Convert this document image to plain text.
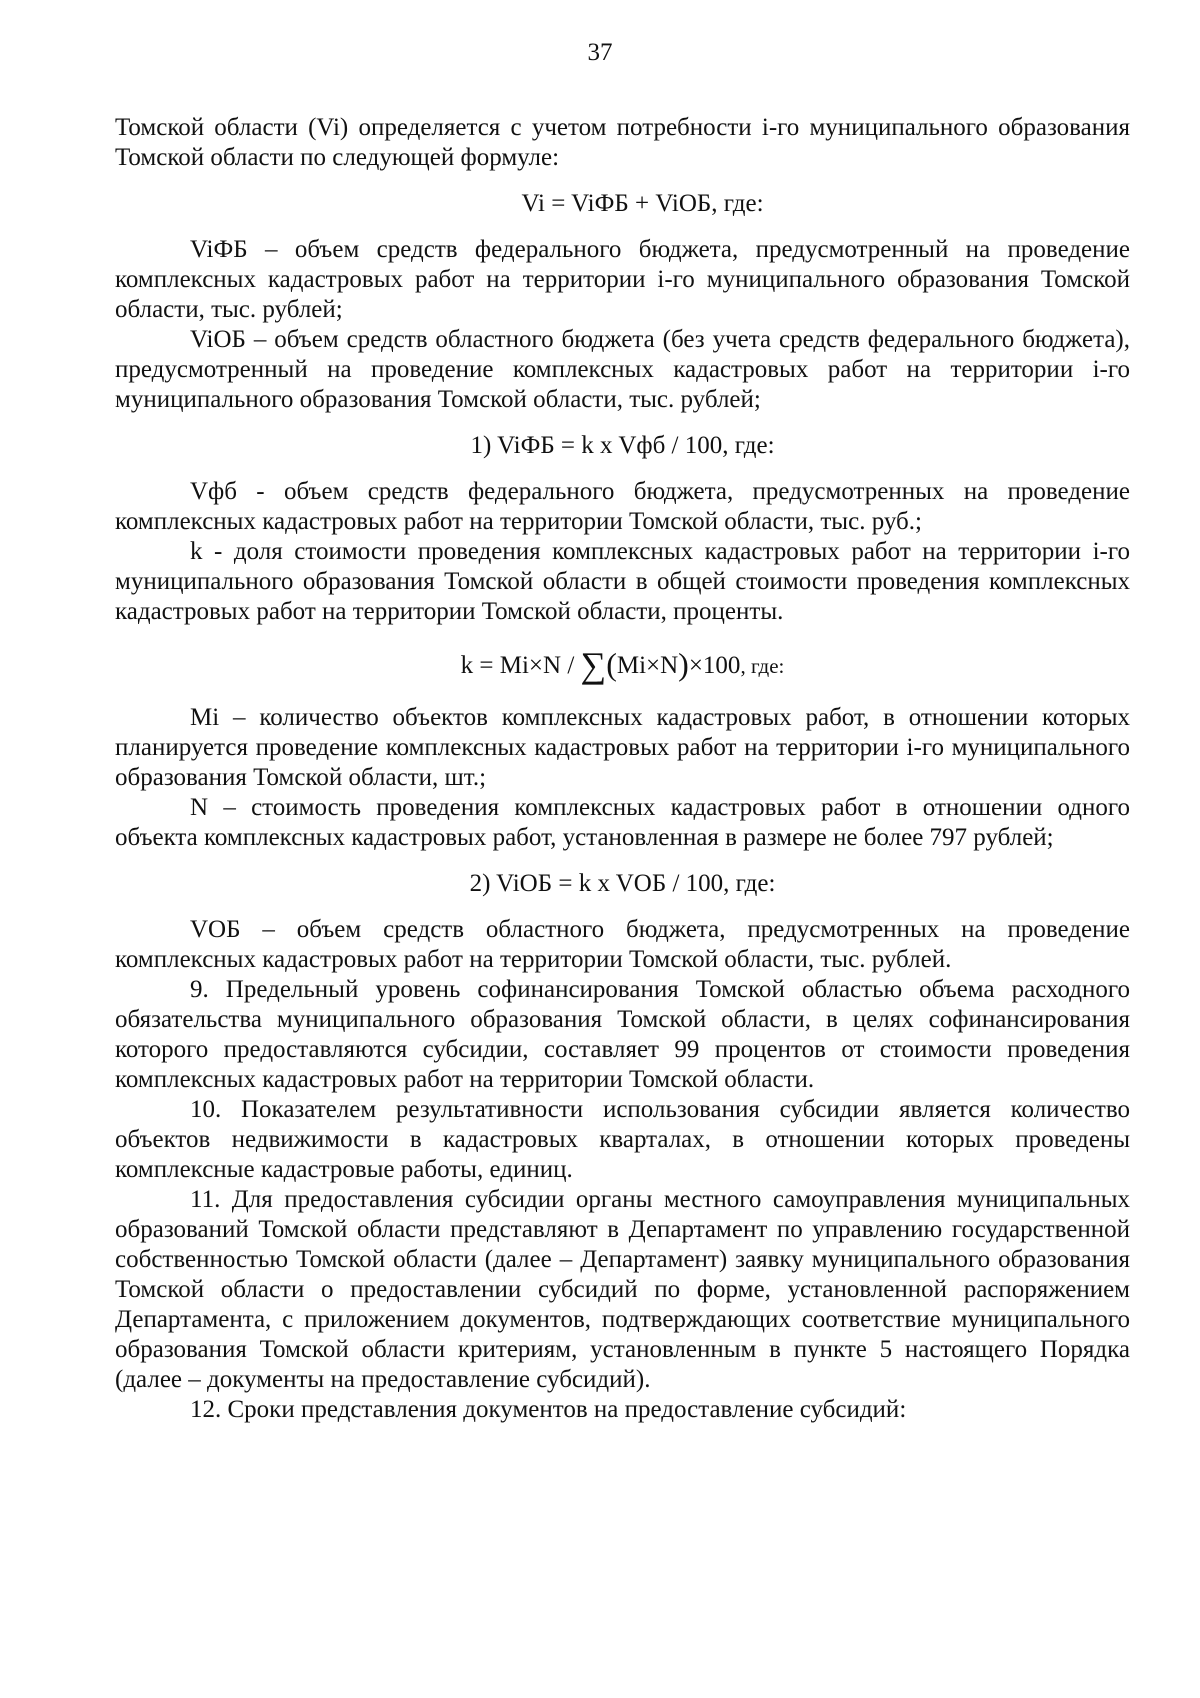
37

Томской области (Vi) определяется с учетом потребности i-го муниципального образования Томской области по следующей формуле:

Vi = ViФБ + ViОБ, где:

ViФБ – объем средств федерального бюджета, предусмотренный на проведение комплексных кадастровых работ на территории i-го муниципального образования Томской области, тыс. рублей;

ViОБ – объем средств областного бюджета (без учета средств федерального бюджета), предусмотренный на проведение комплексных кадастровых работ на территории i-го муниципального образования Томской области, тыс. рублей;

1) ViФБ = k x Vфб / 100, где:

Vфб - объем средств федерального бюджета, предусмотренных на проведение комплексных кадастровых работ на территории Томской области, тыс. руб.;

k - доля стоимости проведения комплексных кадастровых работ на территории i-го муниципального образования Томской области в общей стоимости проведения комплексных кадастровых работ на территории Томской области, проценты.

k = Mi×N / ∑(Mi×N)×100, где:

Mi – количество объектов комплексных кадастровых работ, в отношении которых планируется проведение комплексных кадастровых работ на территории i-го муниципального образования Томской области, шт.;

N – стоимость проведения комплексных кадастровых работ в отношении одного объекта комплексных кадастровых работ, установленная в размере не более 797 рублей;

2) ViОБ = k x VОБ / 100, где:

VОБ – объем средств областного бюджета, предусмотренных на проведение комплексных кадастровых работ на территории Томской области, тыс. рублей.

9. Предельный уровень софинансирования Томской областью объема расходного обязательства муниципального образования Томской области, в целях софинансирования которого предоставляются субсидии, составляет 99 процентов от стоимости проведения комплексных кадастровых работ на территории Томской области.

10. Показателем результативности использования субсидии является количество объектов недвижимости в кадастровых кварталах, в отношении которых проведены комплексные кадастровые работы, единиц.

11. Для предоставления субсидии органы местного самоуправления муниципальных образований Томской области представляют в Департамент по управлению государственной собственностью Томской области (далее – Департамент) заявку муниципального образования Томской области о предоставлении субсидий по форме, установленной распоряжением Департамента, с приложением документов, подтверждающих соответствие муниципального образования Томской области критериям, установленным в пункте 5 настоящего Порядка (далее – документы на предоставление субсидий).

12. Сроки представления документов на предоставление субсидий:
